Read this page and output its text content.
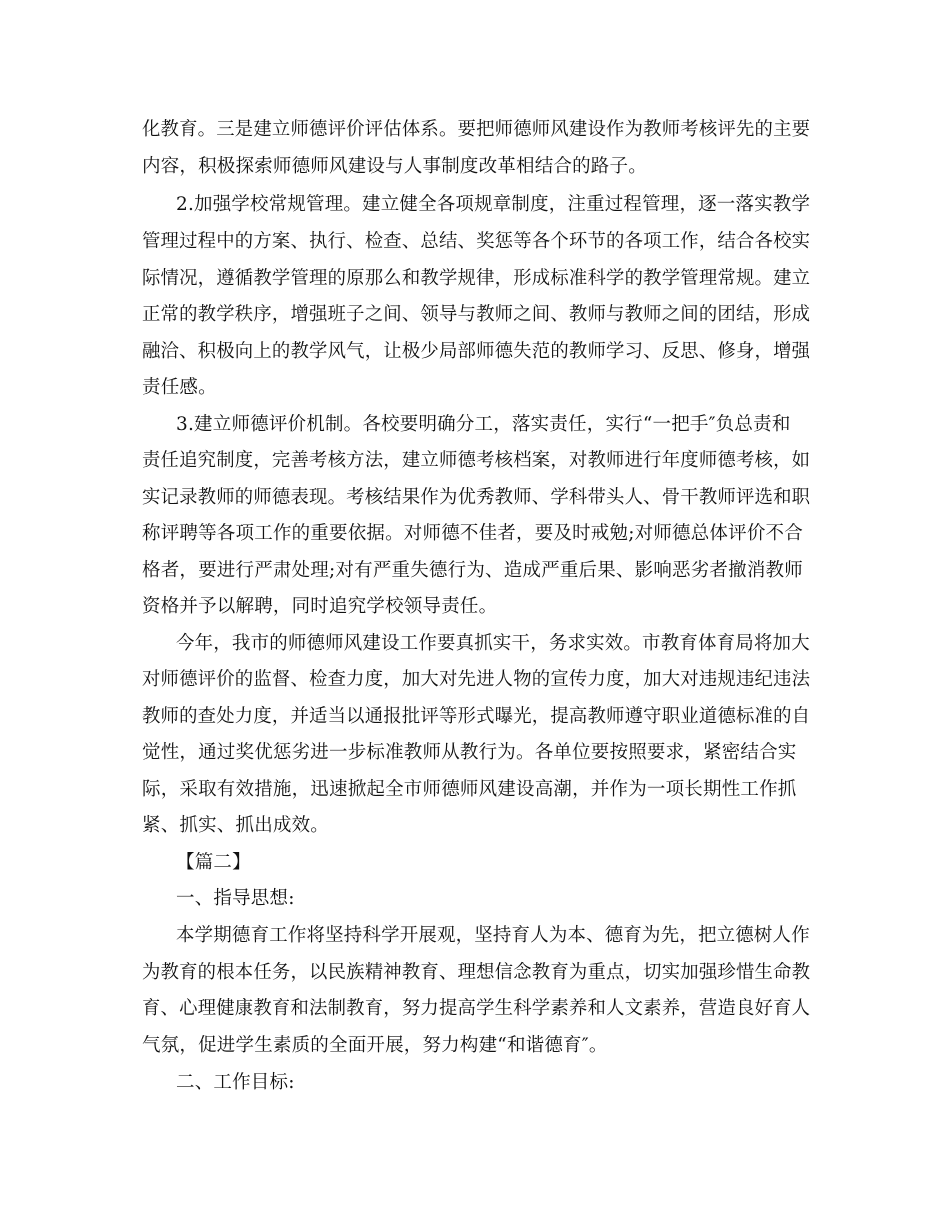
化教育。三是建立师德评价评估体系。要把师德师风建设作为教师考核评先的主要

内容，积极探索师德师风建设与人事制度改革相结合的路子。

2.加强学校常规管理。建立健全各项规章制度，注重过程管理，逐一落实教学

管理过程中的方案、执行、检查、总结、奖惩等各个环节的各项工作，结合各校实

际情况，遵循教学管理的原那么和教学规律，形成标准科学的教学管理常规。建立

正常的教学秩序，增强班子之间、领导与教师之间、教师与教师之间的团结，形成

融洽、积极向上的教学风气，让极少局部师德失范的教师学习、反思、修身，增强

责任感。

3.建立师德评价机制。各校要明确分工，落实责任，实行“一把手″负总责和

责任追究制度，完善考核方法，建立师德考核档案，对教师进行年度师德考核，如

实记录教师的师德表现。考核结果作为优秀教师、学科带头人、骨干教师评选和职

称评聘等各项工作的重要依据。对师德不佳者，要及时戒勉;对师德总体评价不合

格者，要进行严肃处理;对有严重失德行为、造成严重后果、影响恶劣者撤消教师

资格并予以解聘，同时追究学校领导责任。

今年，我市的师德师风建设工作要真抓实干，务求实效。市教育体育局将加大

对师德评价的监督、检查力度，加大对先进人物的宣传力度，加大对违规违纪违法

教师的查处力度，并适当以通报批评等形式曝光，提高教师遵守职业道德标准的自

觉性，通过奖优惩劣进一步标准教师从教行为。各单位要按照要求，紧密结合实

际，采取有效措施，迅速掀起全市师德师风建设高潮，并作为一项长期性工作抓

紧、抓实、抓出成效。

【篇二】

一、指导思想:

本学期德育工作将坚持科学开展观，坚持育人为本、德育为先，把立德树人作

为教育的根本任务，以民族精神教育、理想信念教育为重点，切实加强珍惜生命教

育、心理健康教育和法制教育，努力提高学生科学素养和人文素养，营造良好育人

气氛，促进学生素质的全面开展，努力构建“和谐德育″。

二、工作目标:
